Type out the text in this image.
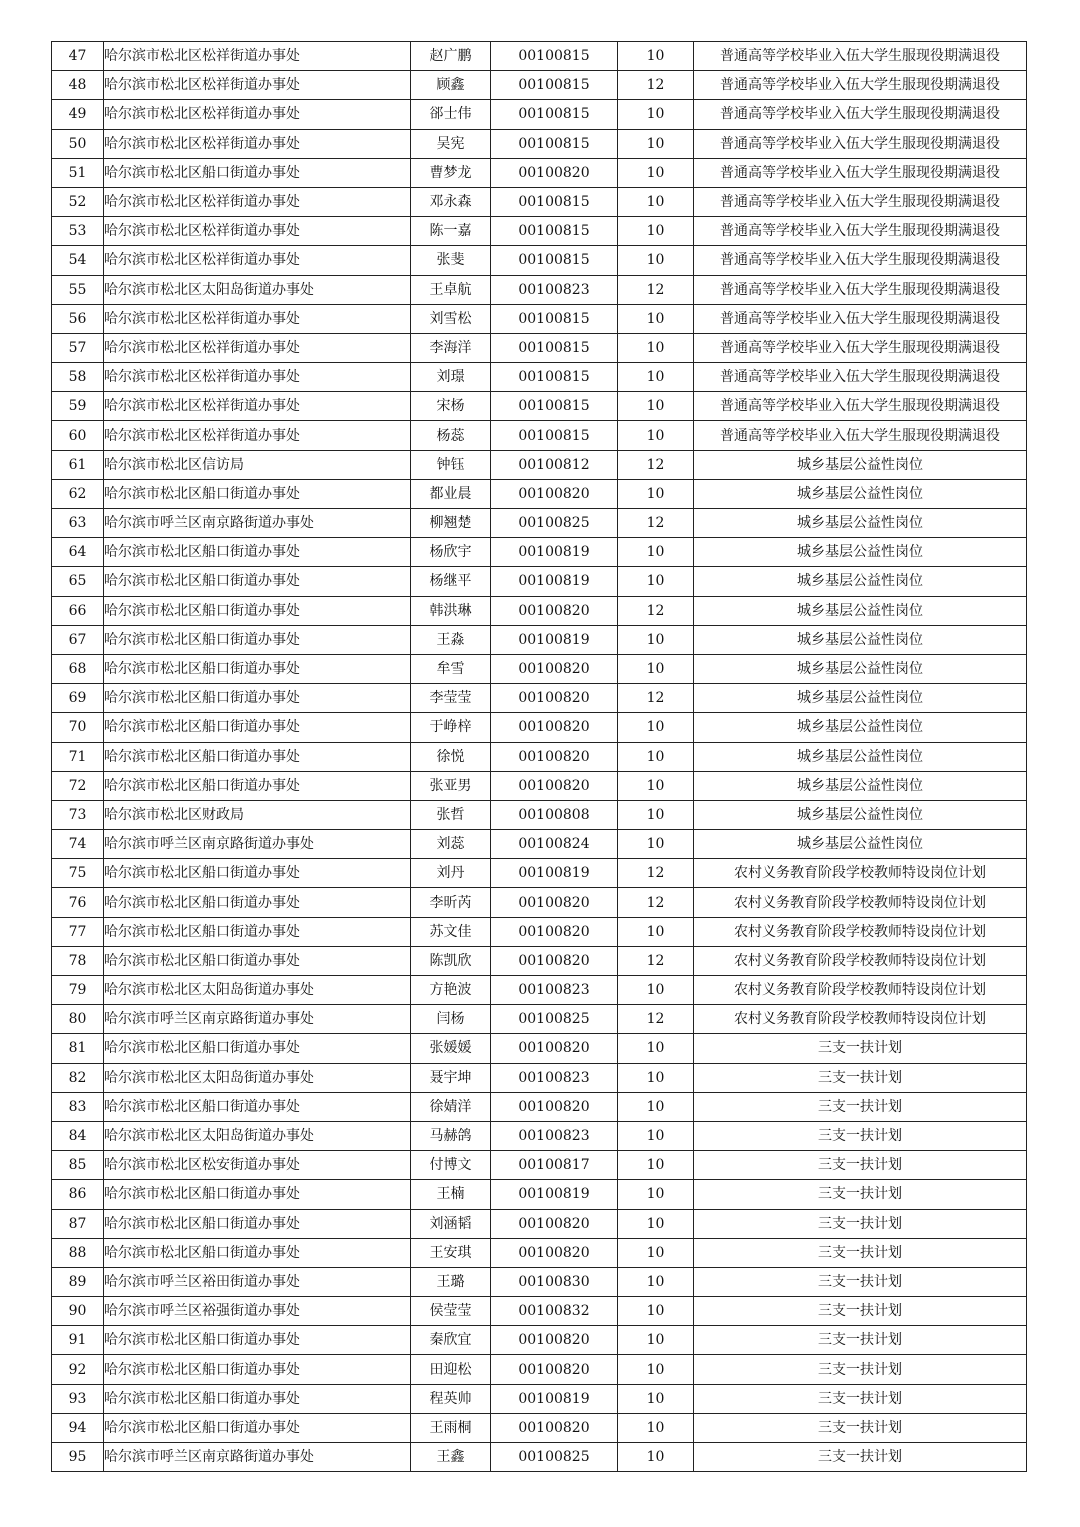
47	哈尔滨市松北区松祥街道办事处	赵广鹏	00100815	10	普通高等学校毕业入伍大学生服现役期满退役
48	哈尔滨市松北区松祥街道办事处	顾鑫	00100815	12	普通高等学校毕业入伍大学生服现役期满退役
49	哈尔滨市松北区松祥街道办事处	郤士伟	00100815	10	普通高等学校毕业入伍大学生服现役期满退役
50	哈尔滨市松北区松祥街道办事处	吴宪	00100815	10	普通高等学校毕业入伍大学生服现役期满退役
51	哈尔滨市松北区船口街道办事处	曹梦龙	00100820	10	普通高等学校毕业入伍大学生服现役期满退役
52	哈尔滨市松北区松祥街道办事处	邓永森	00100815	10	普通高等学校毕业入伍大学生服现役期满退役
53	哈尔滨市松北区松祥街道办事处	陈一嘉	00100815	10	普通高等学校毕业入伍大学生服现役期满退役
54	哈尔滨市松北区松祥街道办事处	张斐	00100815	10	普通高等学校毕业入伍大学生服现役期满退役
55	哈尔滨市松北区太阳岛街道办事处	王卓航	00100823	12	普通高等学校毕业入伍大学生服现役期满退役
56	哈尔滨市松北区松祥街道办事处	刘雪松	00100815	10	普通高等学校毕业入伍大学生服现役期满退役
57	哈尔滨市松北区松祥街道办事处	李海洋	00100815	10	普通高等学校毕业入伍大学生服现役期满退役
58	哈尔滨市松北区松祥街道办事处	刘璟	00100815	10	普通高等学校毕业入伍大学生服现役期满退役
59	哈尔滨市松北区松祥街道办事处	宋杨	00100815	10	普通高等学校毕业入伍大学生服现役期满退役
60	哈尔滨市松北区松祥街道办事处	杨蕊	00100815	10	普通高等学校毕业入伍大学生服现役期满退役
61	哈尔滨市松北区信访局	钟钰	00100812	12	城乡基层公益性岗位
62	哈尔滨市松北区船口街道办事处	都业晨	00100820	10	城乡基层公益性岗位
63	哈尔滨市呼兰区南京路街道办事处	柳翘楚	00100825	12	城乡基层公益性岗位
64	哈尔滨市松北区船口街道办事处	杨欣宇	00100819	10	城乡基层公益性岗位
65	哈尔滨市松北区船口街道办事处	杨继平	00100819	10	城乡基层公益性岗位
66	哈尔滨市松北区船口街道办事处	韩洪琳	00100820	12	城乡基层公益性岗位
67	哈尔滨市松北区船口街道办事处	王淼	00100819	10	城乡基层公益性岗位
68	哈尔滨市松北区船口街道办事处	牟雪	00100820	10	城乡基层公益性岗位
69	哈尔滨市松北区船口街道办事处	李莹莹	00100820	12	城乡基层公益性岗位
70	哈尔滨市松北区船口街道办事处	于峥梓	00100820	10	城乡基层公益性岗位
71	哈尔滨市松北区船口街道办事处	徐悦	00100820	10	城乡基层公益性岗位
72	哈尔滨市松北区船口街道办事处	张亚男	00100820	10	城乡基层公益性岗位
73	哈尔滨市松北区财政局	张哲	00100808	10	城乡基层公益性岗位
74	哈尔滨市呼兰区南京路街道办事处	刘蕊	00100824	10	城乡基层公益性岗位
75	哈尔滨市松北区船口街道办事处	刘丹	00100819	12	农村义务教育阶段学校教师特设岗位计划
76	哈尔滨市松北区船口街道办事处	李昕芮	00100820	12	农村义务教育阶段学校教师特设岗位计划
77	哈尔滨市松北区船口街道办事处	苏文佳	00100820	10	农村义务教育阶段学校教师特设岗位计划
78	哈尔滨市松北区船口街道办事处	陈凯欣	00100820	12	农村义务教育阶段学校教师特设岗位计划
79	哈尔滨市松北区太阳岛街道办事处	方艳波	00100823	10	农村义务教育阶段学校教师特设岗位计划
80	哈尔滨市呼兰区南京路街道办事处	闫杨	00100825	12	农村义务教育阶段学校教师特设岗位计划
81	哈尔滨市松北区船口街道办事处	张媛媛	00100820	10	三支一扶计划
82	哈尔滨市松北区太阳岛街道办事处	聂宇坤	00100823	10	三支一扶计划
83	哈尔滨市松北区船口街道办事处	徐婧洋	00100820	10	三支一扶计划
84	哈尔滨市松北区太阳岛街道办事处	马赫鸽	00100823	10	三支一扶计划
85	哈尔滨市松北区松安街道办事处	付博文	00100817	10	三支一扶计划
86	哈尔滨市松北区船口街道办事处	王楠	00100819	10	三支一扶计划
87	哈尔滨市松北区船口街道办事处	刘涵韬	00100820	10	三支一扶计划
88	哈尔滨市松北区船口街道办事处	王安琪	00100820	10	三支一扶计划
89	哈尔滨市呼兰区裕田街道办事处	王璐	00100830	10	三支一扶计划
90	哈尔滨市呼兰区裕强街道办事处	侯莹莹	00100832	10	三支一扶计划
91	哈尔滨市松北区船口街道办事处	秦欣宜	00100820	10	三支一扶计划
92	哈尔滨市松北区船口街道办事处	田迎松	00100820	10	三支一扶计划
93	哈尔滨市松北区船口街道办事处	程英帅	00100819	10	三支一扶计划
94	哈尔滨市松北区船口街道办事处	王雨桐	00100820	10	三支一扶计划
95	哈尔滨市呼兰区南京路街道办事处	王鑫	00100825	10	三支一扶计划
